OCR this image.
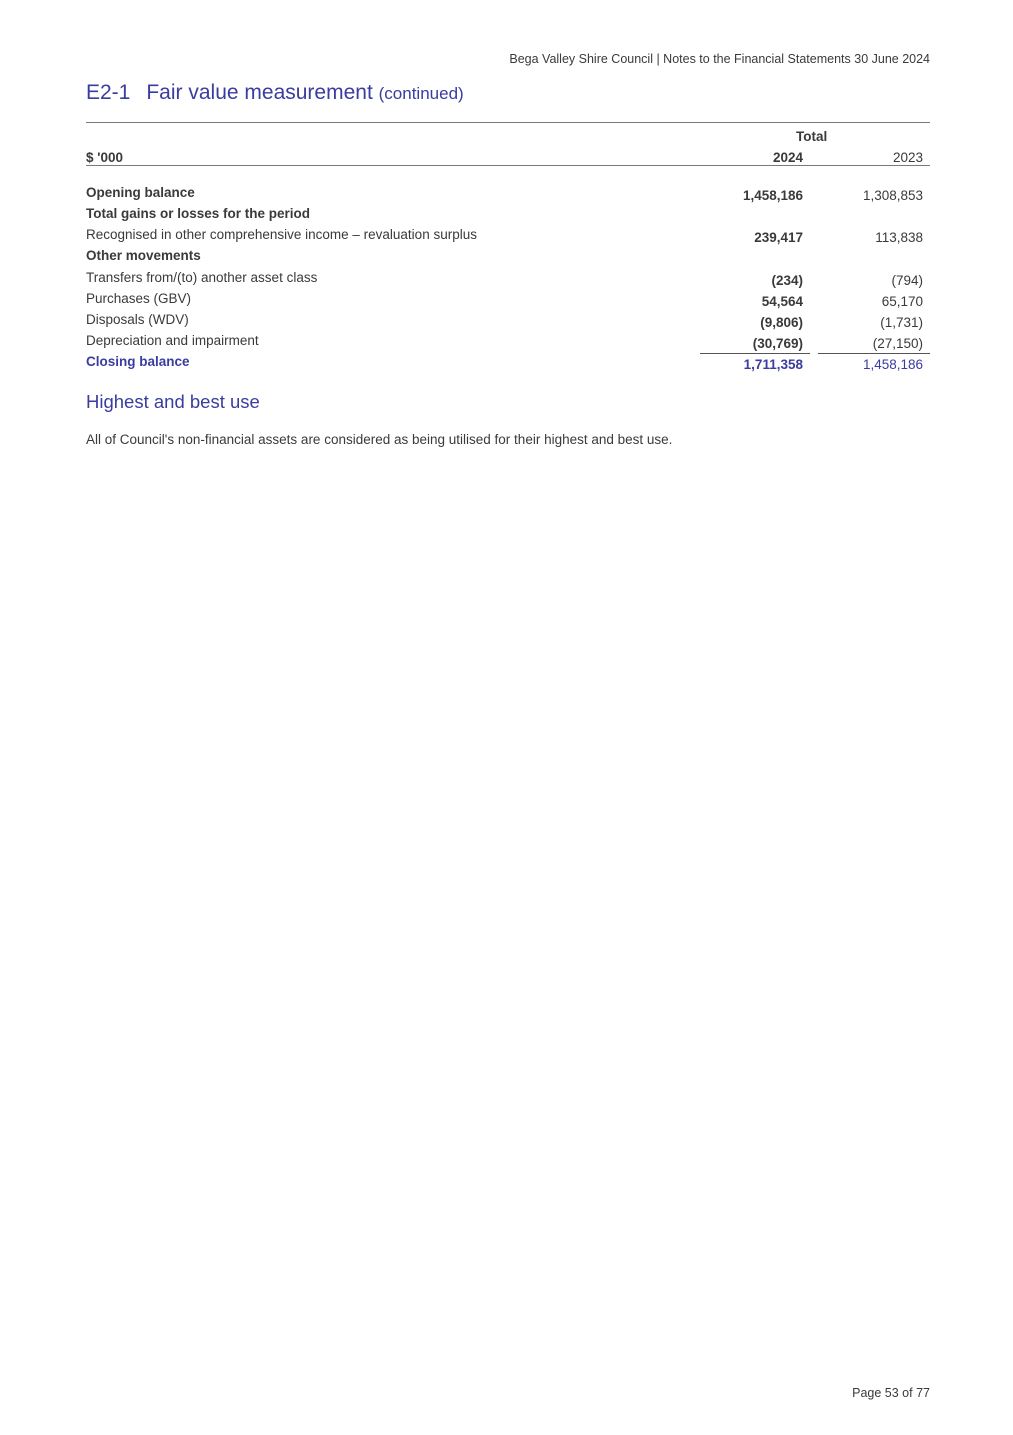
Bega Valley Shire Council | Notes to the Financial Statements 30 June 2024
E2-1 Fair value measurement (continued)
$ '000
Total
2024	2023
Opening balance	1,458,186	1,308,853
Total gains or losses for the period
Recognised in other comprehensive income – revaluation surplus	239,417	113,838
Other movements
Transfers from/(to) another asset class	(234)	(794)
Purchases (GBV)	54,564	65,170
Disposals (WDV)	(9,806)	(1,731)
Depreciation and impairment	(30,769)	(27,150)
Closing balance	1,711,358	1,458,186
Highest and best use
All of Council's non-financial assets are considered as being utilised for their highest and best use.
Page 53 of 77
